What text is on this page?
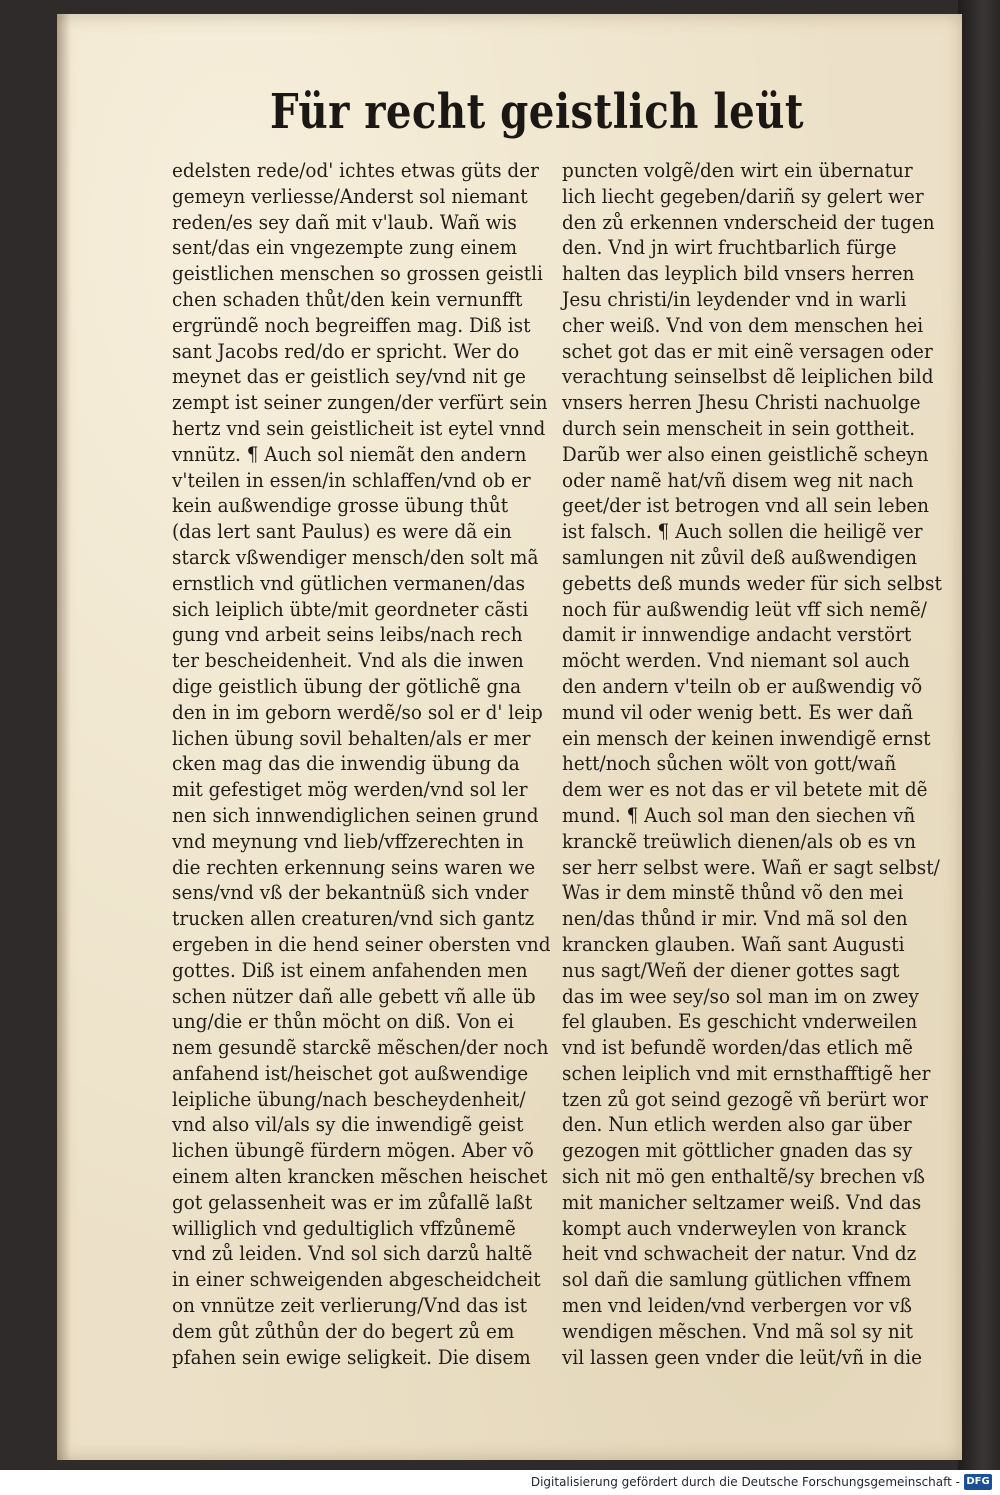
Für recht geistlich leüt
edelsten rede/od' ichtes etwas güts der
gemeyn verliesse/Anderst sol niemant
reden/es sey dañ mit v'laub. Wañ wis
sent/das ein vngezempte zung einem
geistlichen menschen so grossen geistli
chen schaden thůt/den kein vernunfft
ergründẽ noch begreiffen mag. Diß ist
sant Jacobs red/do er spricht. Wer do
meynet das er geistlich sey/vnd nit ge
zempt ist seiner zungen/der verfürt sein
hertz vnd sein geistlicheit ist eytel vnnd
vnnütz. ¶ Auch sol niemãt den andern
v'teilen in essen/in schlaffen/vnd ob er
kein außwendige grosse übung thůt
(das lert sant Paulus) es were dã ein
starck vßwendiger mensch/den solt mã
ernstlich vnd gütlichen vermanen/das
sich leiplich übte/mit geordneter cãsti
gung vnd arbeit seins leibs/nach rech
ter bescheidenheit. Vnd als die inwen
dige geistlich übung der götlichẽ gna
den in im geborn werdẽ/so sol er d' leip
lichen übung sovil behalten/als er mer
cken mag das die inwendig übung da
mit gefestiget mög werden/vnd sol ler
nen sich innwendiglichen seinen grund
vnd meynung vnd lieb/vffzerechten in
die rechten erkennung seins waren we
sens/vnd vß der bekantnüß sich vnder
trucken allen creaturen/vnd sich gantz
ergeben in die hend seiner obersten vnd
gottes. Diß ist einem anfahenden men
schen nützer dañ alle gebett vñ alle üb
ung/die er thůn möcht on diß. Von ei
nem gesundẽ starckẽ mẽschen/der noch
anfahend ist/heischet got außwendige
leipliche übung/nach bescheydenheit/
vnd also vil/als sy die inwendigẽ geist
lichen übungẽ fürdern mögen. Aber võ
einem alten krancken mẽschen heischet
got gelassenheit was er im zůfallẽ laßt
williglich vnd gedultiglich vffzůnemẽ
vnd zů leiden. Vnd sol sich darzů haltẽ
in einer schweigenden abgescheidcheit
on vnnütze zeit verlierung/Vnd das ist
dem gůt zůthůn der do begert zů em
pfahen sein ewige seligkeit. Die disem
puncten volgẽ/den wirt ein übernatur
lich liecht gegeben/dariñ sy gelert wer
den zů erkennen vnderscheid der tugen
den. Vnd jn wirt fruchtbarlich fürge
halten das leyplich bild vnsers herren
Jesu christi/in leydender vnd in warli
cher weiß. Vnd von dem menschen hei
schet got das er mit einẽ versagen oder
verachtung seinselbst dẽ leiplichen bild
vnsers herren Jhesu Christi nachuolge
durch sein menscheit in sein gottheit.
Darũb wer also einen geistlichẽ scheyn
oder namẽ hat/vñ disem weg nit nach
geet/der ist betrogen vnd all sein leben
ist falsch. ¶ Auch sollen die heiligẽ ver
samlungen nit zůvil deß außwendigen
gebetts deß munds weder für sich selbst
noch für außwendig leüt vff sich nemẽ/
damit ir innwendige andacht verstört
möcht werden. Vnd niemant sol auch
den andern v'teiln ob er außwendig võ
mund vil oder wenig bett. Es wer dañ
ein mensch der keinen inwendigẽ ernst
hett/noch sůchen wölt von gott/wañ
dem wer es not das er vil betete mit dẽ
mund. ¶ Auch sol man den siechen vñ
kranckẽ treüwlich dienen/als ob es vn
ser herr selbst were. Wañ er sagt selbst/
Was ir dem minstẽ thůnd võ den mei
nen/das thůnd ir mir. Vnd mã sol den
krancken glauben. Wañ sant Augusti
nus sagt/Weñ der diener gottes sagt
das im wee sey/so sol man im on zwey
fel glauben. Es geschicht vnderweilen
vnd ist befundẽ worden/das etlich mẽ
schen leiplich vnd mit ernsthafftigẽ her
tzen zů got seind gezogẽ vñ berürt wor
den. Nun etlich werden also gar über
gezogen mit göttlicher gnaden das sy
sich nit mö gen enthaltẽ/sy brechen vß
mit manicher seltzamer weiß. Vnd das
kompt auch vnderweylen von kranck
heit vnd schwacheit der natur. Vnd dz
sol dañ die samlung gütlichen vffnem
men vnd leiden/vnd verbergen vor vß
wendigen mẽschen. Vnd mã sol sy nit
vil lassen geen vnder die leüt/vñ in die
Digitalisierung gefördert durch die Deutsche Forschungsgemeinschaft - DFG
